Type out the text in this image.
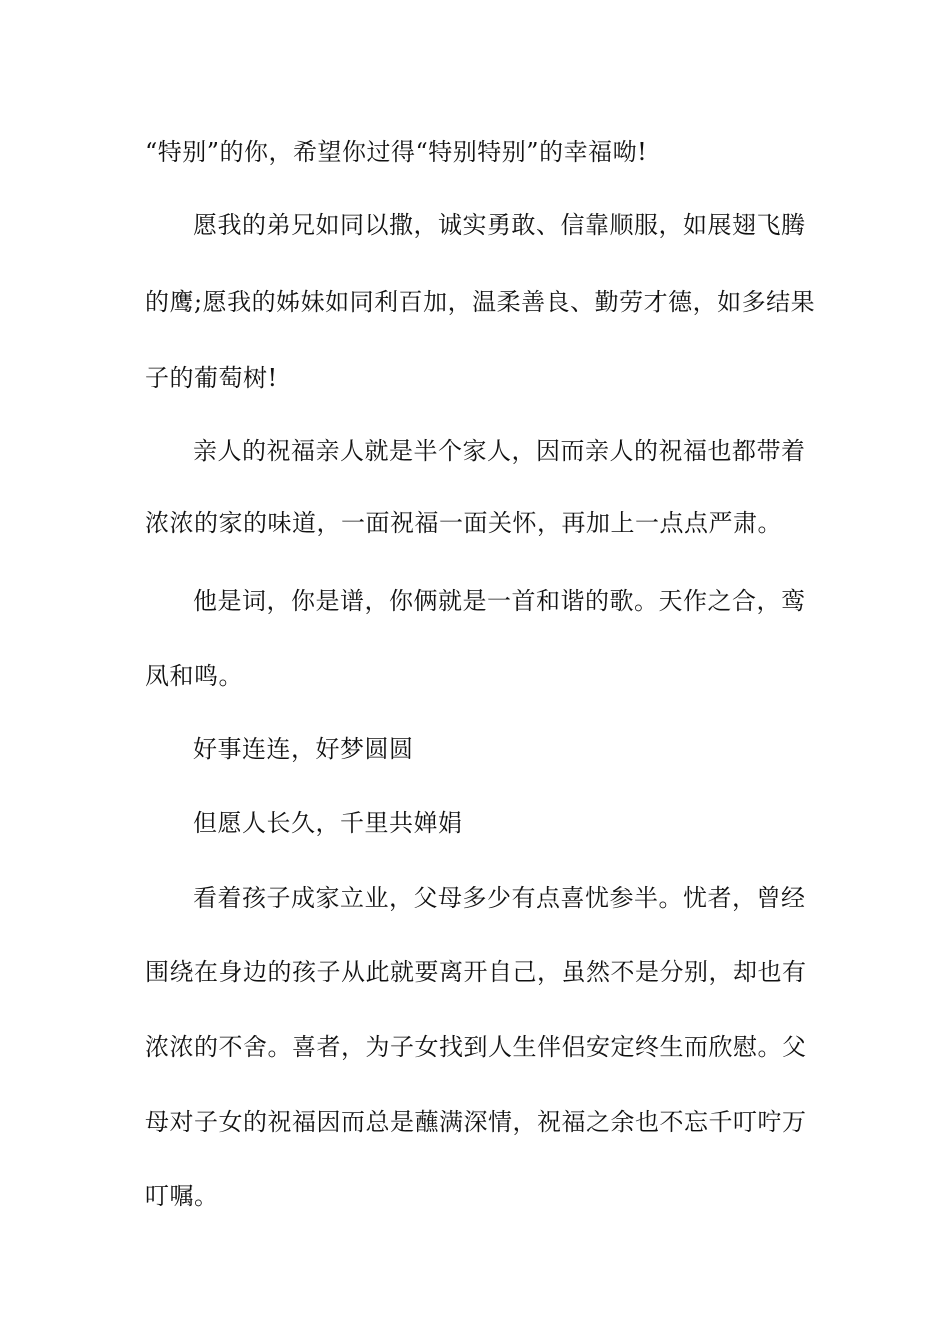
“特别”的你，希望你过得“特别特别”的幸福呦!
愿我的弟兄如同以撒，诚实勇敢、信靠顺服，如展翅飞腾
的鹰;愿我的姊妹如同利百加，温柔善良、勤劳才德，如多结果
子的葡萄树!
亲人的祝福亲人就是半个家人，因而亲人的祝福也都带着
浓浓的家的味道，一面祝福一面关怀，再加上一点点严肃。
他是词，你是谱，你俩就是一首和谐的歌。天作之合，鸾
凤和鸣。
好事连连，好梦圆圆
但愿人长久，千里共婵娟
看着孩子成家立业，父母多少有点喜忧参半。忧者，曾经
围绕在身边的孩子从此就要离开自己，虽然不是分别，却也有
浓浓的不舍。喜者，为子女找到人生伴侣安定终生而欣慰。父
母对子女的祝福因而总是蘸满深情，祝福之余也不忘千叮咛万
叮嘱。
